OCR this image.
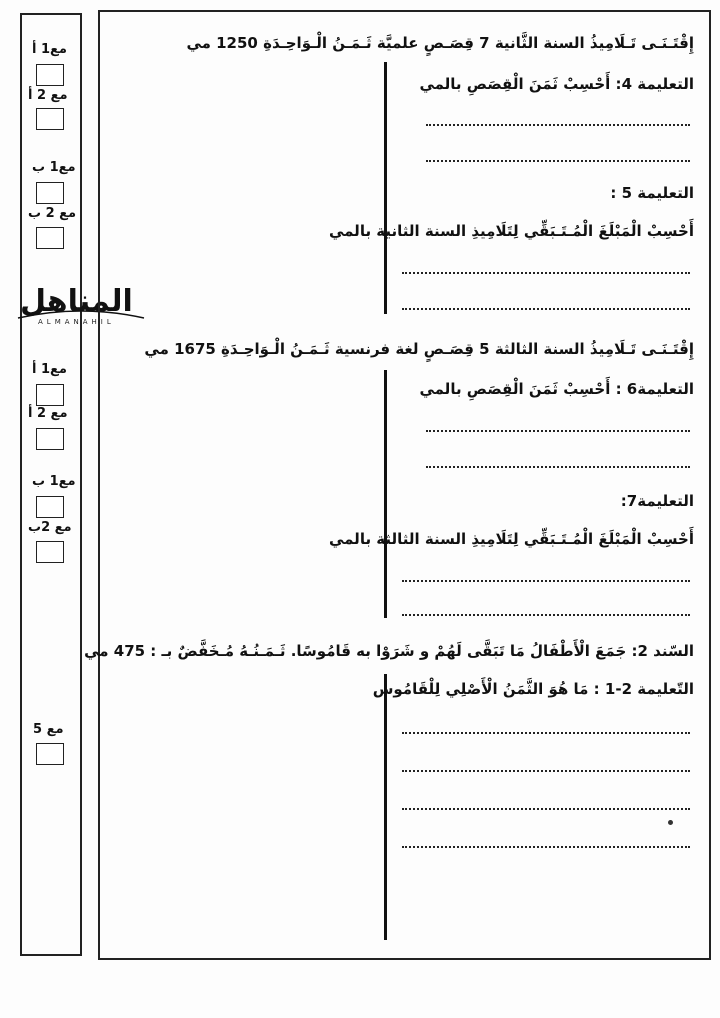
مع1 أ
مع 2 أ
مع1 ب
مع 2 ب
المناهل
ALMANAHIL
مع1 أ
مع 2 أ
مع1 ب
مع 2ب
مع 5
إِقْتَـنَـى تَـلَامِيذُ السنة الثَّانية 7 قِصَـصٍ علميَّة ثَـمَـنُ الْـوَاحِـدَةِ 1250 مي
التعليمة 4: أَحْسِبْ ثَمَنَ الْقِصَصِ بالمي
التعليمة 5 :
أَحْسِبْ الْمَبْلَغَ الْمُـتَـبَقِّي لِتَلَامِيذِ السنة الثانية بالمي
إِقْتَـنَـى تَـلَامِيذُ السنة الثالثة 5 قِصَـصٍ لغة فرنسية ثَـمَـنُ الْـوَاحِـدَةِ 1675 مي
التعليمة6 : أَحْسِبْ ثَمَنَ الْقِصَصِ بالمي
التعليمة7:
أَحْسِبْ الْمَبْلَغَ الْمُـتَـبَقِّي لِتَلَامِيذِ السنة الثالثة بالمي
السّند 2: جَمَعَ الْأَطْفَالُ مَا تَبَقَّى لَهُمْ و شَرَوْا به قَامُوسًا. ثَـمَـنُـهُ مُـخَفَّضٌ بـ : 475 مي
التّعليمة 2-1 : مَا هُوَ الثَّمَنُ الْأَصْلِي لِلْقَامُوس
